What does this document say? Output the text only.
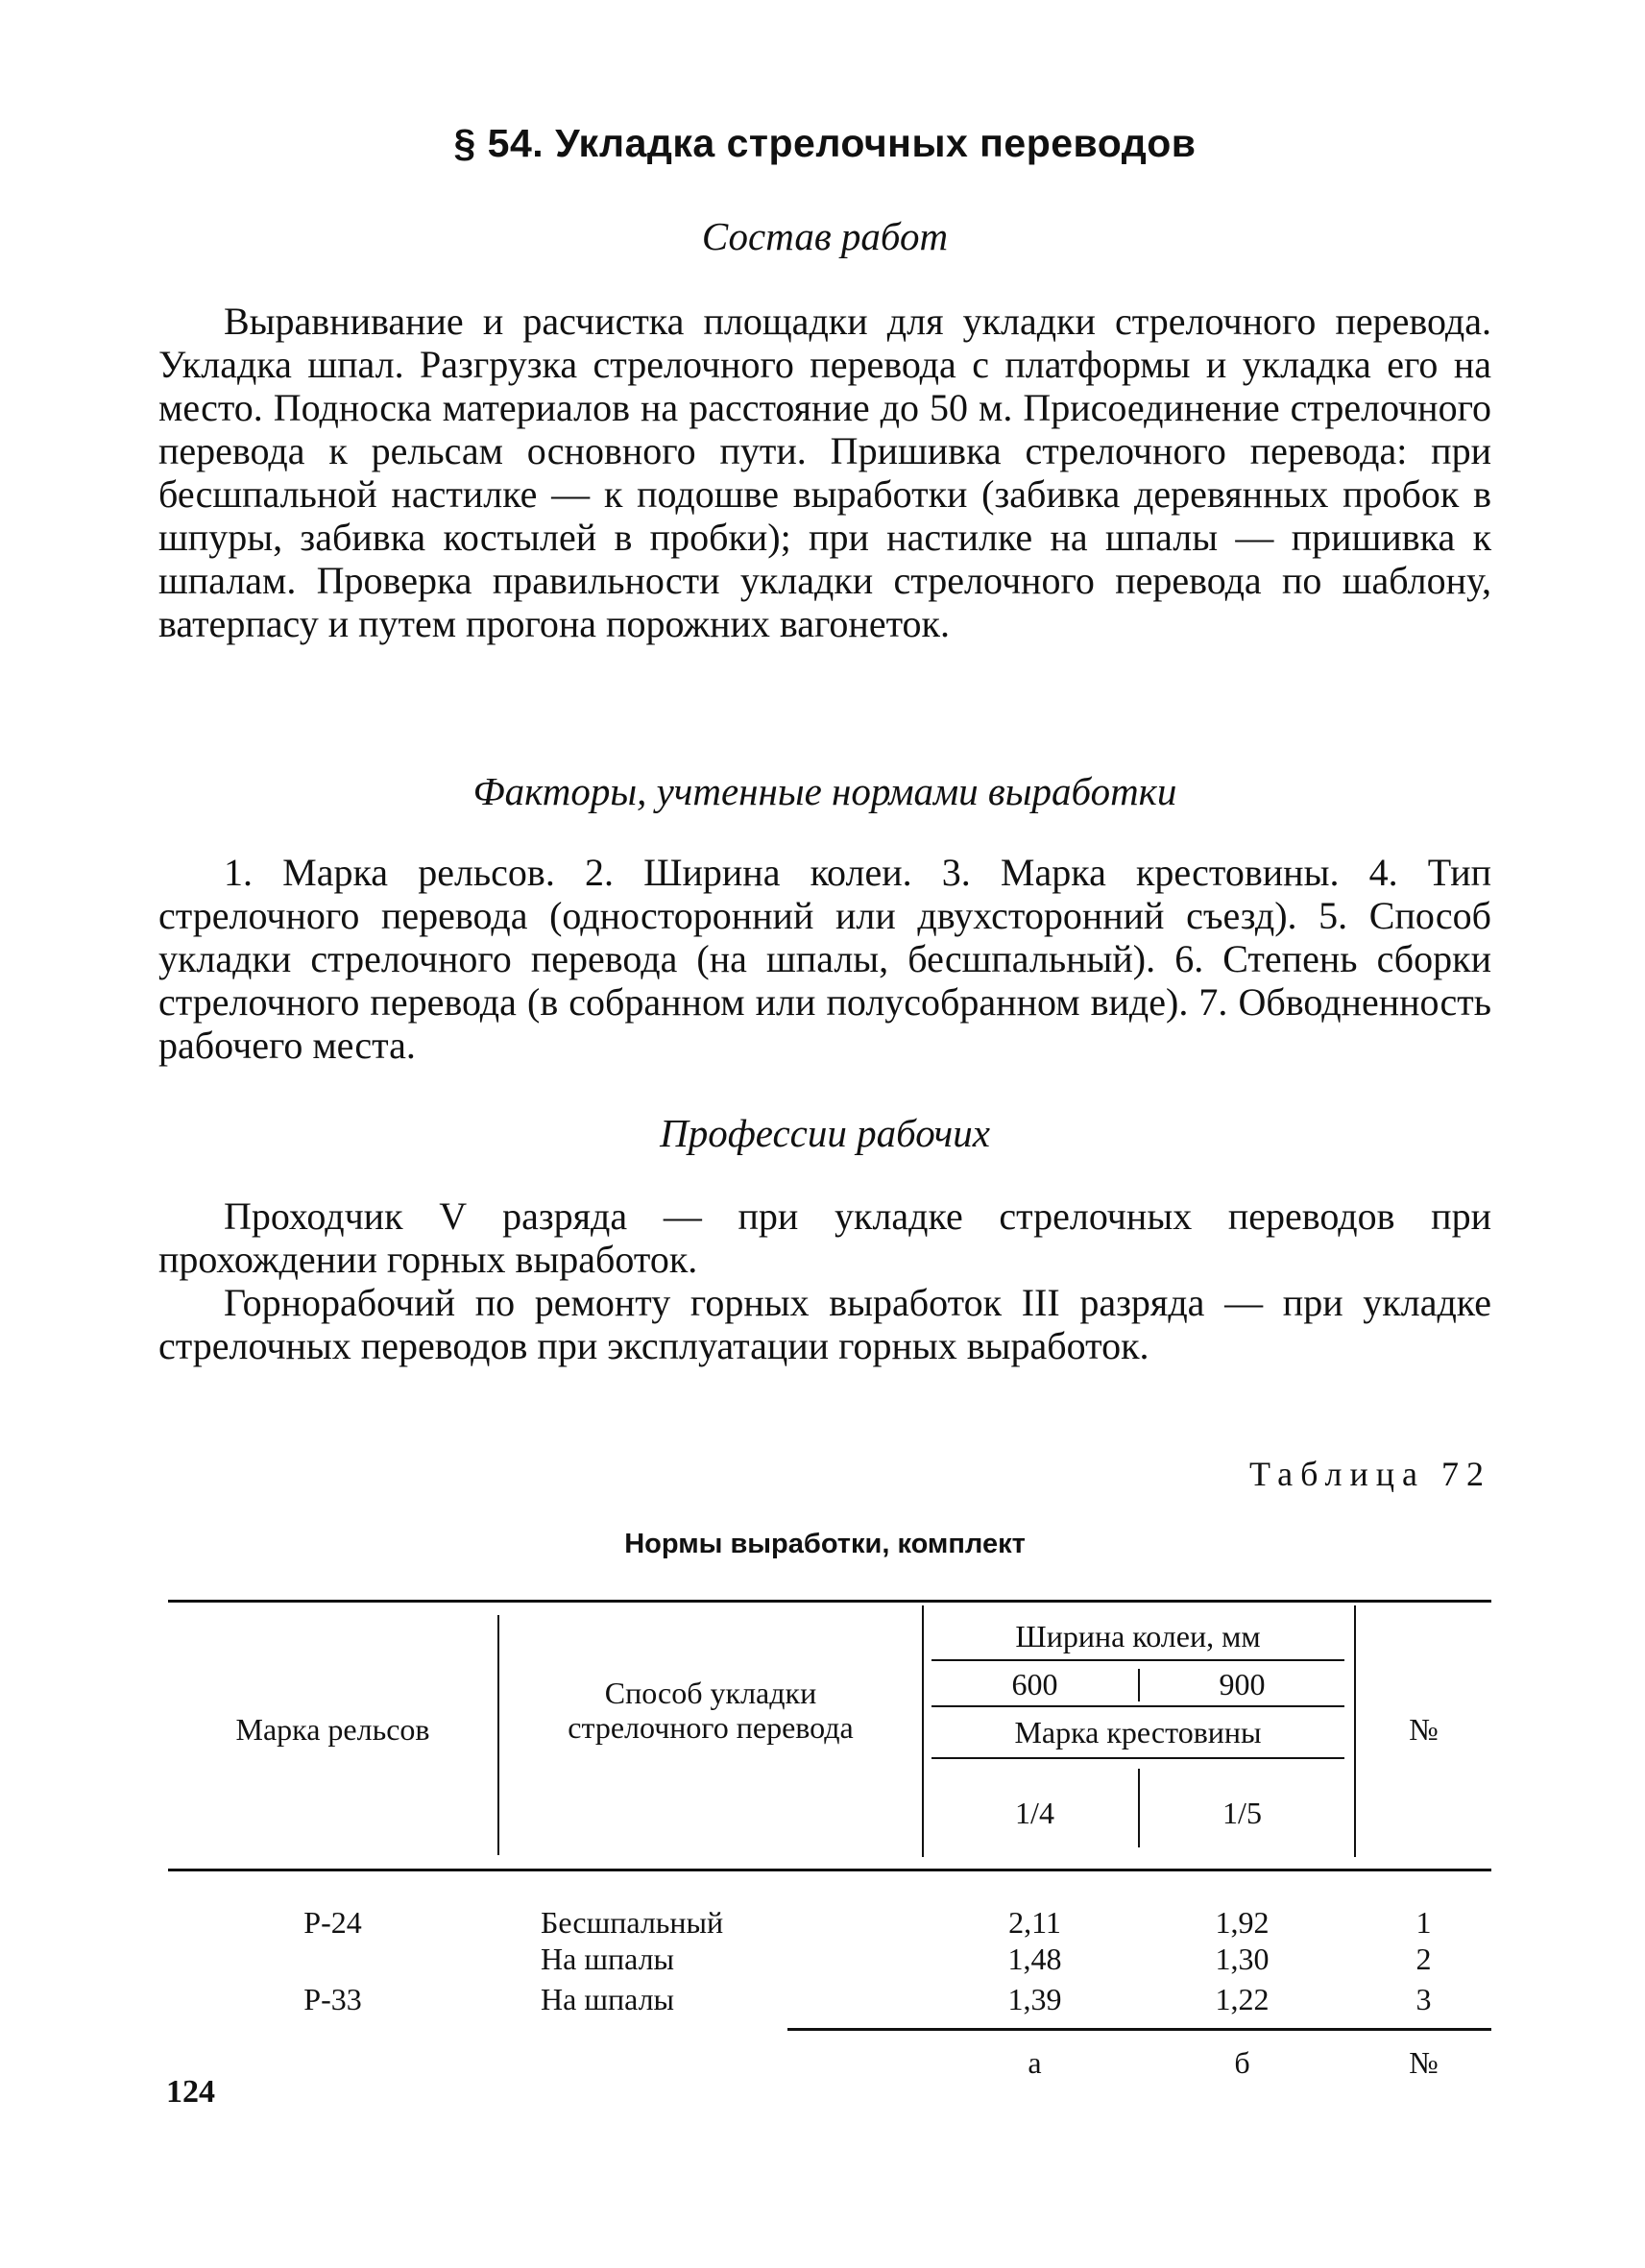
§ 54. Укладка стрелочных переводов
Состав работ

Выравнивание и расчистка площадки для укладки стрелочного перевода. Укладка шпал. Разгрузка стрелочного перевода с платформы и укладка его на место. Подноска материалов на расстояние до 50 м. Присоединение стрелочного перевода к рельсам основного пути. Пришивка стрелочного перевода: при бесшпальной настилке — к подошве выработки (забивка деревянных пробок в шпуры, забивка костылей в пробки); при настилке на шпалы — пришивка к шпалам. Проверка правильности укладки стрелочного перевода по шаблону, ватерпасу и путем прогона порожних вагонеток.

Факторы, учтенные нормами выработки

1. Марка рельсов. 2. Ширина колеи. 3. Марка крестовины. 4. Тип стрелочного перевода (односторонний или двухсторонний съезд). 5. Способ укладки стрелочного перевода (на шпалы, бесшпальный). 6. Степень сборки стрелочного перевода (в собранном или полусобранном виде). 7. Обводненность рабочего места.

Профессии рабочих

Проходчик V разряда — при укладке стрелочных переводов при прохождении горных выработок.

Горнорабочий по ремонту горных выработок III разряда — при укладке стрелочных переводов при эксплуатации горных выработок.

Таблица 72
Нормы выработки, комплект
Марка рельсов
Способ укладки стрелочного перевода
Ширина колеи, мм
600	900
Марка крестовины
1/4	1/5
№
Р-24	Бесшпальный	2,11	1,92	1
На шпалы	1,48	1,30	2
Р-33	На шпалы	1,39	1,22	3
а	б	№
124
